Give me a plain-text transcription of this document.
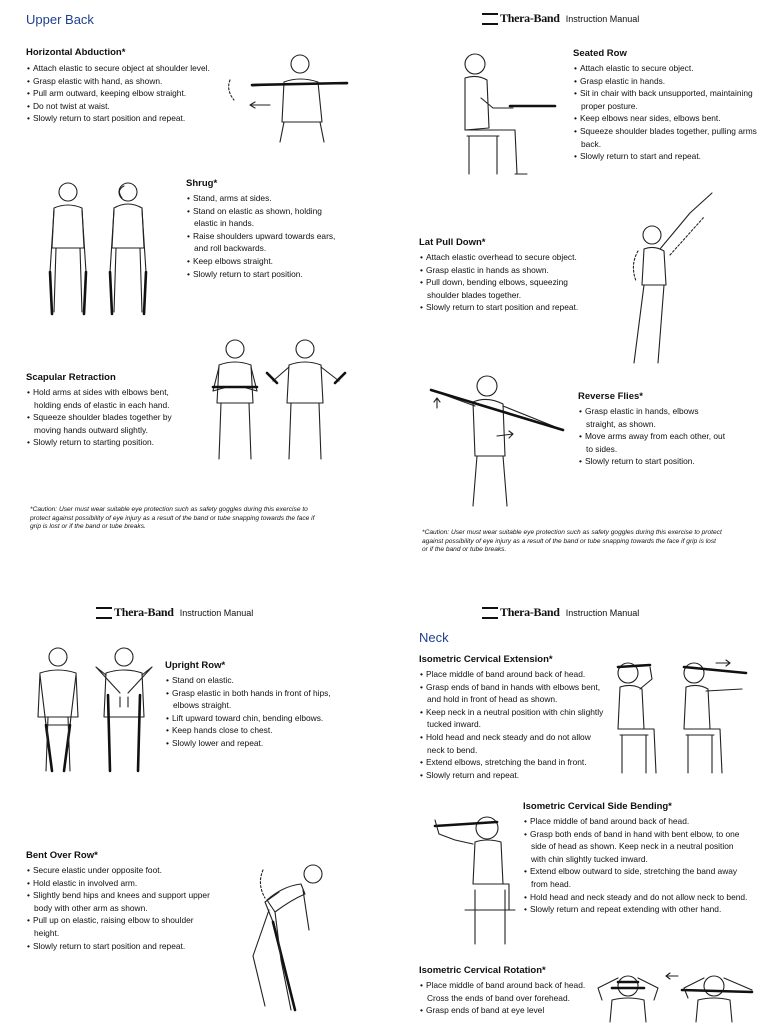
Upper Back	Thera-Band Instruction Manual
Thera-Band Instruction Manual	Thera-Band Instruction Manual
Neck
Horizontal Abduction*
• Attach elastic to secure object at shoulder level.
• Grasp elastic with hand, as shown.
• Pull arm outward, keeping elbow straight.
• Do not twist at waist.
• Slowly return to start position and repeat.
Seated Row
• Attach elastic to secure object.
• Grasp elastic in hands.
• Sit in chair with back unsupported, maintaining proper posture.
• Keep elbows near sides, elbows bent.
• Squeeze shoulder blades together, pulling arms back.
• Slowly return to start and repeat.
Shrug*
• Stand, arms at sides.
• Stand on elastic as shown, holding elastic in hands.
• Raise shoulders upward towards ears, and roll backwards.
• Keep elbows straight.
• Slowly return to start position.
Lat Pull Down*
• Attach elastic overhead to secure object.
• Grasp elastic in hands as shown.
• Pull down, bending elbows, squeezing shoulder blades together.
• Slowly return to start position and repeat.
Scapular Retraction
• Hold arms at sides with elbows bent, holding ends of elastic in each hand.
• Squeeze shoulder blades together by moving hands outward slightly.
• Slowly return to starting position.
Reverse Flies*
• Grasp elastic in hands, elbows straight, as shown.
• Move arms away from each other, out to sides.
• Slowly return to start position.
*Caution: User must wear suitable eye protection such as safety goggles during this exercise to protect against possibility of eye injury as a result of the band or tube snapping towards the face if grip is lost or if the band or tube breaks.
*Caution: User must wear suitable eye protection such as safety goggles during this exercise to protect against possibility of eye injury as a result of the band or tube snapping towards the face if grip is lost or if the band or tube breaks.
Upright Row*
• Stand on elastic.
• Grasp elastic in both hands in front of hips, elbows straight.
• Lift upward toward chin, bending elbows.
• Keep hands close to chest.
• Slowly lower and repeat.
Bent Over Row*
• Secure elastic under opposite foot.
• Hold elastic in involved arm.
• Slightly bend hips and knees and support upper body with other arm as shown.
• Pull up on elastic, raising elbow to shoulder height.
• Slowly return to start position and repeat.
Isometric Cervical Extension*
• Place middle of band around back of head.
• Grasp ends of band in hands with elbows bent, and hold in front of head as shown.
• Keep neck in a neutral position with chin slightly tucked inward.
• Hold head and neck steady and do not allow neck to bend.
• Extend elbows, stretching the band in front.
• Slowly return and repeat.
Isometric Cervical Side Bending*
• Place middle of band around back of head.
• Grasp both ends of band in hand with bent elbow, to one side of head as shown. Keep neck in a neutral position with chin slightly tucked inward.
• Extend elbow outward to side, stretching the band away from head.
• Hold head and neck steady and do not allow neck to bend.
• Slowly return and repeat extending with other hand.
Isometric Cervical Rotation*
• Place middle of band around back of head. Cross the ends of band over forehead.
• Grasp ends of band at eye level
